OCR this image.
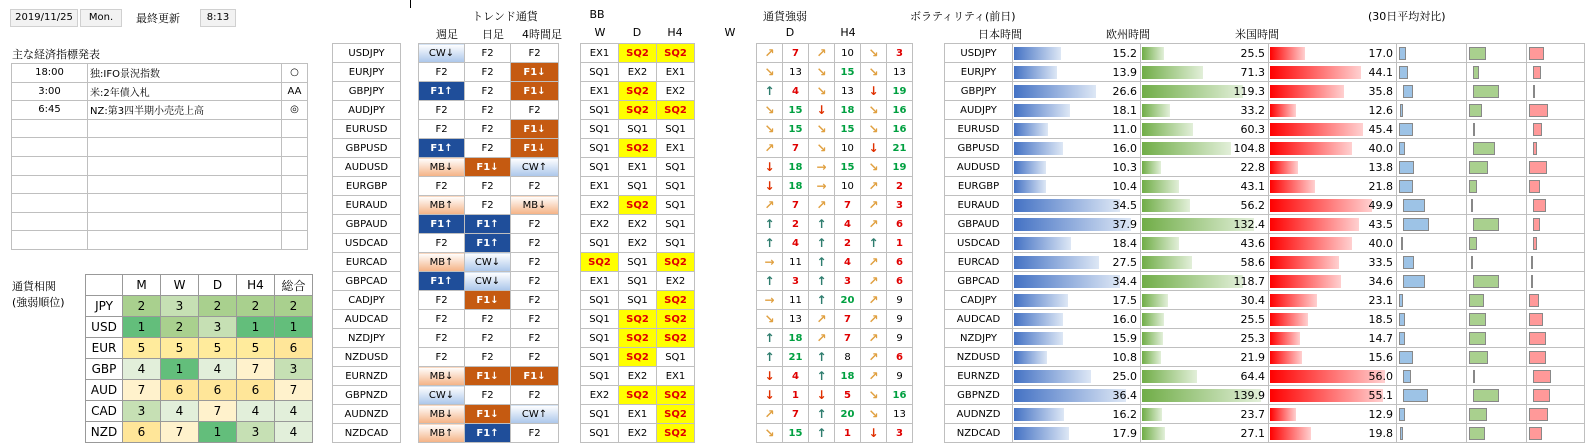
2019/11/25	Mon.	最終更新	8:13
主な経済指標発表
18:00	独:IFO景況指数	○
3:00	米:2年債入札	AA
6:45	NZ:第3四半期小売売上高	◎

通貨相関
(強弱順位)
	M	W	D	H4	総合
JPY	2	3	2	2	2
USD	1	2	3	1	1
EUR	5	5	5	5	6
GBP	4	1	4	7	3
AUD	7	6	6	6	7
CAD	3	4	7	4	4
NZD	6	7	1	3	4
トレンド通貨
週足	日足	4時間足
BB
W	D	H4
通貨強弱
W	D	H4
ボラティリティ(前日)	(30日平均対比)
日本時間	欧州時間	米国時間
USDJPY		CW↓	F2	F2		EX1	SQ2	SQ2			↗	7	↗	10	↘	3		USDJPY	15.2	25.5	17.0			

EURJPY		F2	F2	F1↓		SQ1	EX2	EX1			↘	13	↘	15	↘	13		EURJPY	13.9	71.3	44.1			

GBPJPY		F1↑	F2	F1↓		EX1	SQ2	EX2			↑	4	↘	13	↓	19		GBPJPY	26.6	119.3	35.8			

AUDJPY		F2	F2	F2		SQ1	SQ2	SQ2			↘	15	↓	18	↘	16		AUDJPY	18.1	33.2	12.6			

EURUSD		F2	F2	F1↓		SQ1	SQ1	SQ1			↘	15	↘	15	↘	16		EURUSD	11.0	60.3	45.4			

GBPUSD		F1↑	F2	F1↓		SQ1	SQ2	EX1			↗	7	↘	10	↓	21		GBPUSD	16.0	104.8	40.0			

AUDUSD		MB↓	F1↓	CW↑		SQ1	EX1	SQ1			↓	18	→	15	↘	19		AUDUSD	10.3	22.8	13.8			

EURGBP		F2	F2	F2		EX1	SQ1	SQ1			↓	18	→	10	↗	2		EURGBP	10.4	43.1	21.8			

EURAUD		MB↑	F2	MB↓		EX2	SQ2	SQ1			↗	7	↗	7	↗	3		EURAUD	34.5	56.2	49.9			

GBPAUD		F1↑	F1↑	F2		EX2	EX2	SQ1			↑	2	↑	4	↗	6		GBPAUD	37.9	132.4	43.5			

USDCAD		F2	F1↑	F2		SQ1	EX2	SQ1			↑	4	↑	2	↑	1		USDCAD	18.4	43.6	40.0			

EURCAD		MB↑	CW↓	F2		SQ2	SQ1	SQ2			→	11	↑	4	↗	6		EURCAD	27.5	58.6	33.5			

GBPCAD		F1↑	CW↓	F2		EX1	SQ1	EX2			↑	3	↑	3	↗	6		GBPCAD	34.4	118.7	34.6			

CADJPY		F2	F1↓	F2		SQ1	SQ1	SQ2			→	11	↑	20	↗	9		CADJPY	17.5	30.4	23.1			

AUDCAD		F2	F2	F2		SQ1	SQ2	SQ2			↘	13	↗	7	↗	9		AUDCAD	16.0	25.5	18.5			

NZDJPY		F2	F2	F2		SQ1	SQ2	SQ2			↑	18	↗	7	↗	9		NZDJPY	15.9	25.3	14.7			

NZDUSD		F2	F2	F2		SQ1	SQ2	SQ1			↑	21	↑	8	↗	6		NZDUSD	10.8	21.9	15.6			

EURNZD		MB↓	F1↓	F1↓		SQ1	EX2	EX1			↓	4	↑	18	↗	9		EURNZD	25.0	64.4	56.0			

GBPNZD		CW↓	F2	F2		EX2	SQ2	SQ2			↓	1	↓	5	↘	16		GBPNZD	36.4	139.9	55.1			

AUDNZD		MB↓	F1↓	CW↑		SQ1	EX1	SQ2			↗	7	↑	20	↘	13		AUDNZD	16.2	23.7	12.9			

NZDCAD		MB↑	F1↑	F2		SQ1	EX2	SQ2			↘	15	↑	1	↓	3		NZDCAD	17.9	27.1	19.8			
